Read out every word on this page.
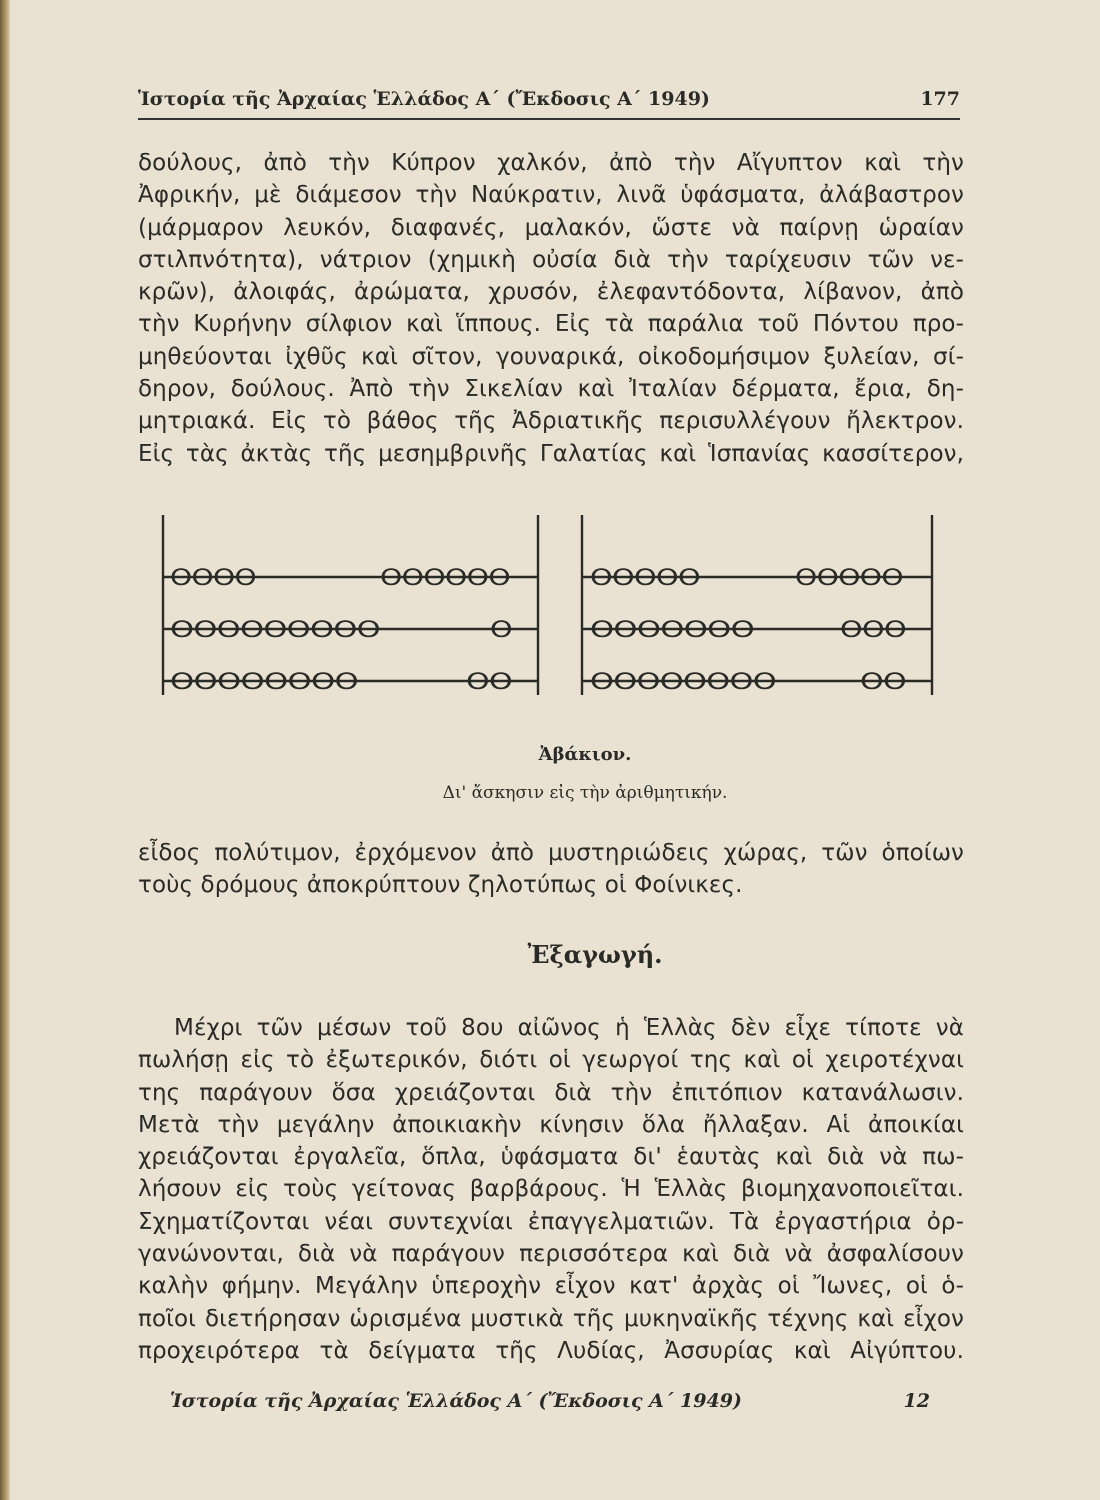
Ἱστορία τῆς Ἀρχαίας Ἑλλάδος Α΄ (Ἔκδοσις Α΄ 1949)	177
δούλους, ἀπὸ τὴν Κύπρον χαλκόν, ἀπὸ τὴν Αἴγυπτον καὶ τὴν
Ἀφρικήν, μὲ διάμεσον τὴν Ναύκρατιν, λινᾶ ὑφάσματα, ἀλάβαστρον
(μάρμαρον λευκόν, διαφανές, μαλακόν, ὥστε νὰ παίρνῃ ὡραίαν
στιλπνότητα), νάτριον (χημικὴ οὐσία διὰ τὴν ταρίχευσιν τῶν νε-
κρῶν), ἀλοιφάς, ἀρώματα, χρυσόν, ἐλεφαντόδοντα, λίβανον, ἀπὸ
τὴν Κυρήνην σίλφιον καὶ ἵππους. Εἰς τὰ παράλια τοῦ Πόντου προ-
μηθεύονται ἰχθῦς καὶ σῖτον, γουναρικά, οἰκοδομήσιμον ξυλείαν, σί-
δηρον, δούλους. Ἀπὸ τὴν Σικελίαν καὶ Ἰταλίαν δέρματα, ἔρια, δη-
μητριακά. Εἰς τὸ βάθος τῆς Ἀδριατικῆς περισυλλέγουν ἤλεκτρον.
Εἰς τὰς ἀκτὰς τῆς μεσημβρινῆς Γαλατίας καὶ Ἱσπανίας κασσίτερον,
OOOO	OOOOOO
OOOOOOOOO	O
OOOOOOOO	OO
OOOOO	OOOOO
OOOOOOO	OOO
OOOOOOOO	OO
Ἀβάκιον.
Δι' ἄσκησιν εἰς τὴν ἀριθμητικήν.
εἶδος πολύτιμον, ἐρχόμενον ἀπὸ μυστηριώδεις χώρας, τῶν ὁποίων
τοὺς δρόμους ἀποκρύπτουν ζηλοτύπως οἱ Φοίνικες.
Ἐξαγωγή.
Μέχρι τῶν μέσων τοῦ 8ου αἰῶνος ἡ Ἑλλὰς δὲν εἶχε τίποτε νὰ
πωλήσῃ εἰς τὸ ἐξωτερικόν, διότι οἱ γεωργοί της καὶ οἱ χειροτέχναι
της παράγουν ὅσα χρειάζονται διὰ τὴν ἐπιτόπιον κατανάλωσιν.
Μετὰ τὴν μεγάλην ἀποικιακὴν κίνησιν ὅλα ἤλλαξαν. Αἱ ἀποικίαι
χρειάζονται ἐργαλεῖα, ὅπλα, ὑφάσματα δι' ἑαυτὰς καὶ διὰ νὰ πω-
λήσουν εἰς τοὺς γείτονας βαρβάρους. Ἡ Ἑλλὰς βιομηχανοποιεῖται.
Σχηματίζονται νέαι συντεχνίαι ἐπαγγελματιῶν. Τὰ ἐργαστήρια ὀρ-
γανώνονται, διὰ νὰ παράγουν περισσότερα καὶ διὰ νὰ ἀσφαλίσουν
καλὴν φήμην. Μεγάλην ὑπεροχὴν εἶχον κατ' ἀρχὰς οἱ Ἴωνες, οἱ ὁ-
ποῖοι διετήρησαν ὡρισμένα μυστικὰ τῆς μυκηναϊκῆς τέχνης καὶ εἶχον
προχειρότερα τὰ δείγματα τῆς Λυδίας, Ἀσσυρίας καὶ Αἰγύπτου.
Ἱστορία τῆς Ἀρχαίας Ἑλλάδος Α΄ (Ἔκδοσις Α΄ 1949)	12
